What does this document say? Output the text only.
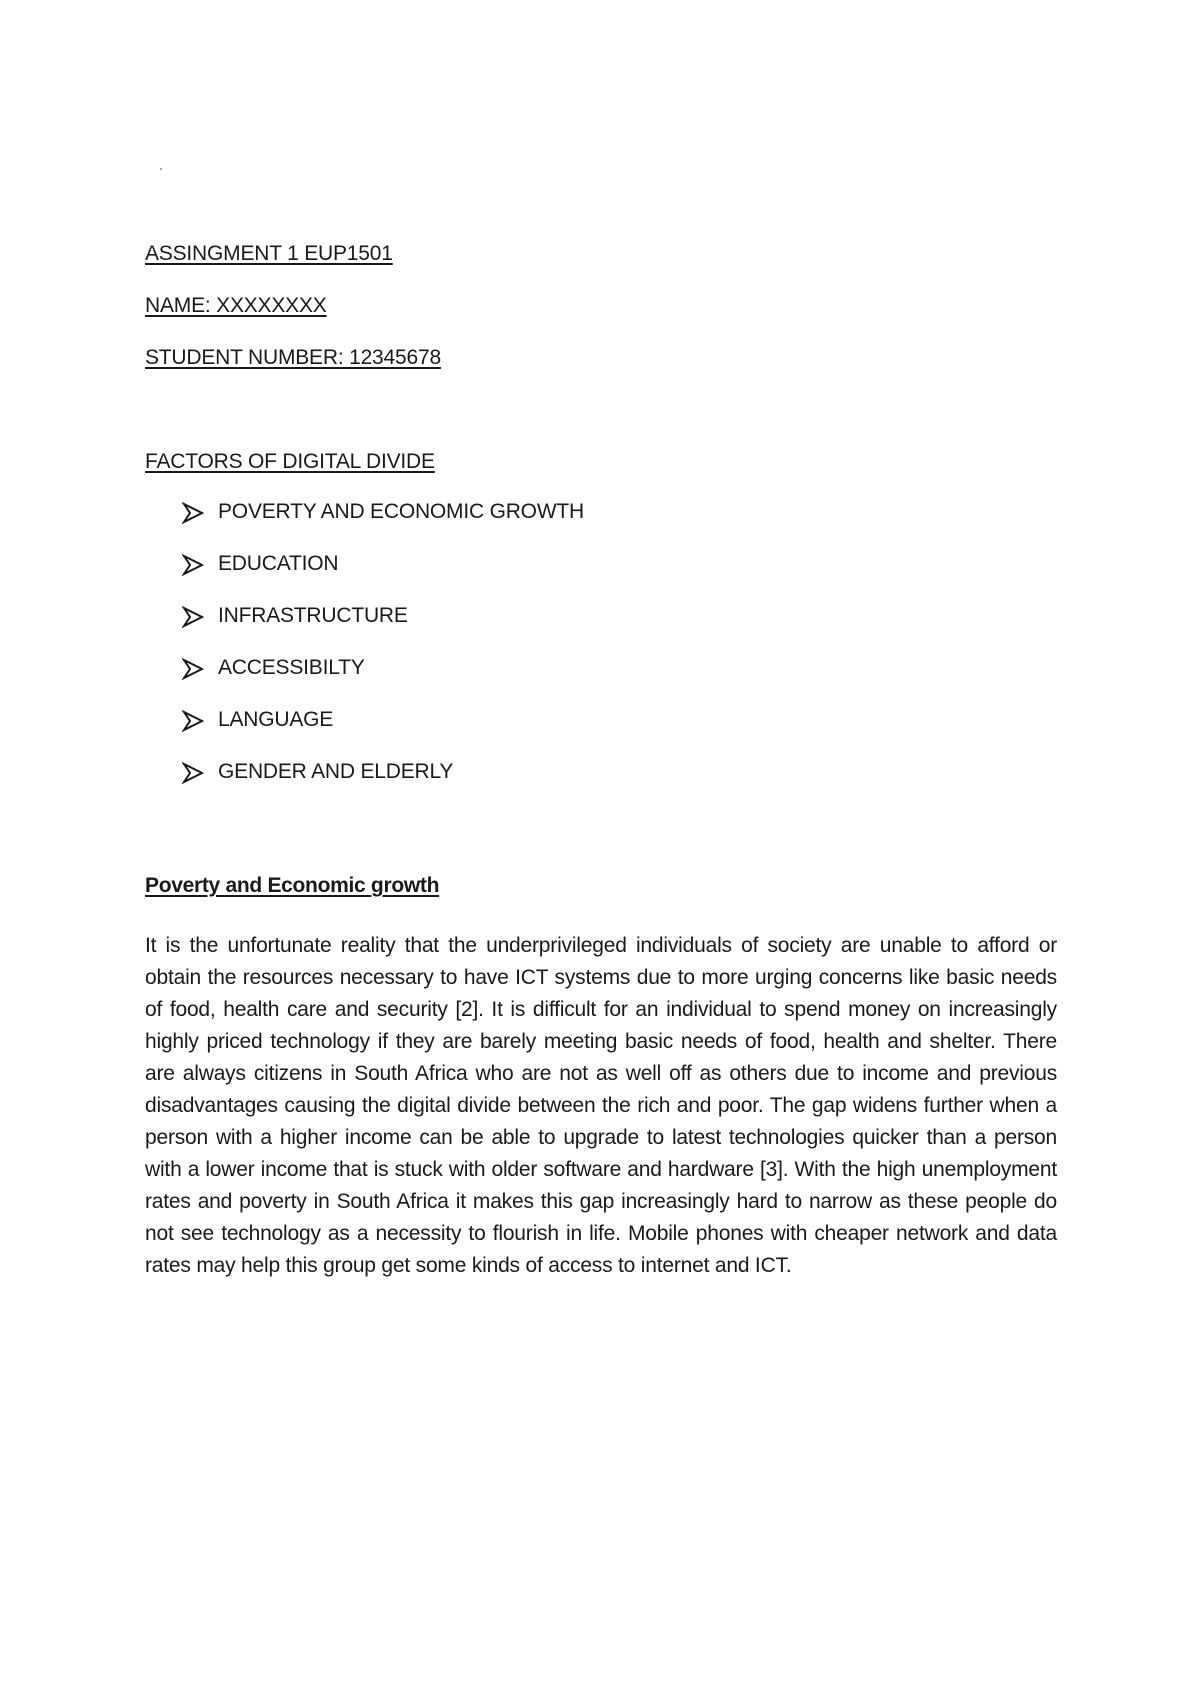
ASSINGMENT 1 EUP1501
NAME: XXXXXXXX
STUDENT NUMBER: 12345678
FACTORS OF DIGITAL DIVIDE
POVERTY AND ECONOMIC GROWTH
EDUCATION
INFRASTRUCTURE
ACCESSIBILTY
LANGUAGE
GENDER AND ELDERLY
Poverty and Economic growth

It is the unfortunate reality that the underprivileged individuals of society are unable to afford or obtain the resources necessary to have ICT systems due to more urging concerns like basic needs of food, health care and security [2]. It is difficult for an individual to spend money on increasingly highly priced technology if they are barely meeting basic needs of food, health and shelter. There are always citizens in South Africa who are not as well off as others due to income and previous disadvantages causing the digital divide between the rich and poor. The gap widens further when a person with a higher income can be able to upgrade to latest technologies quicker than a person with a lower income that is stuck with older software and hardware [3]. With the high unemployment rates and poverty in South Africa it makes this gap increasingly hard to narrow as these people do not see technology as a necessity to flourish in life. Mobile phones with cheaper network and data rates may help this group get some kinds of access to internet and ICT.
